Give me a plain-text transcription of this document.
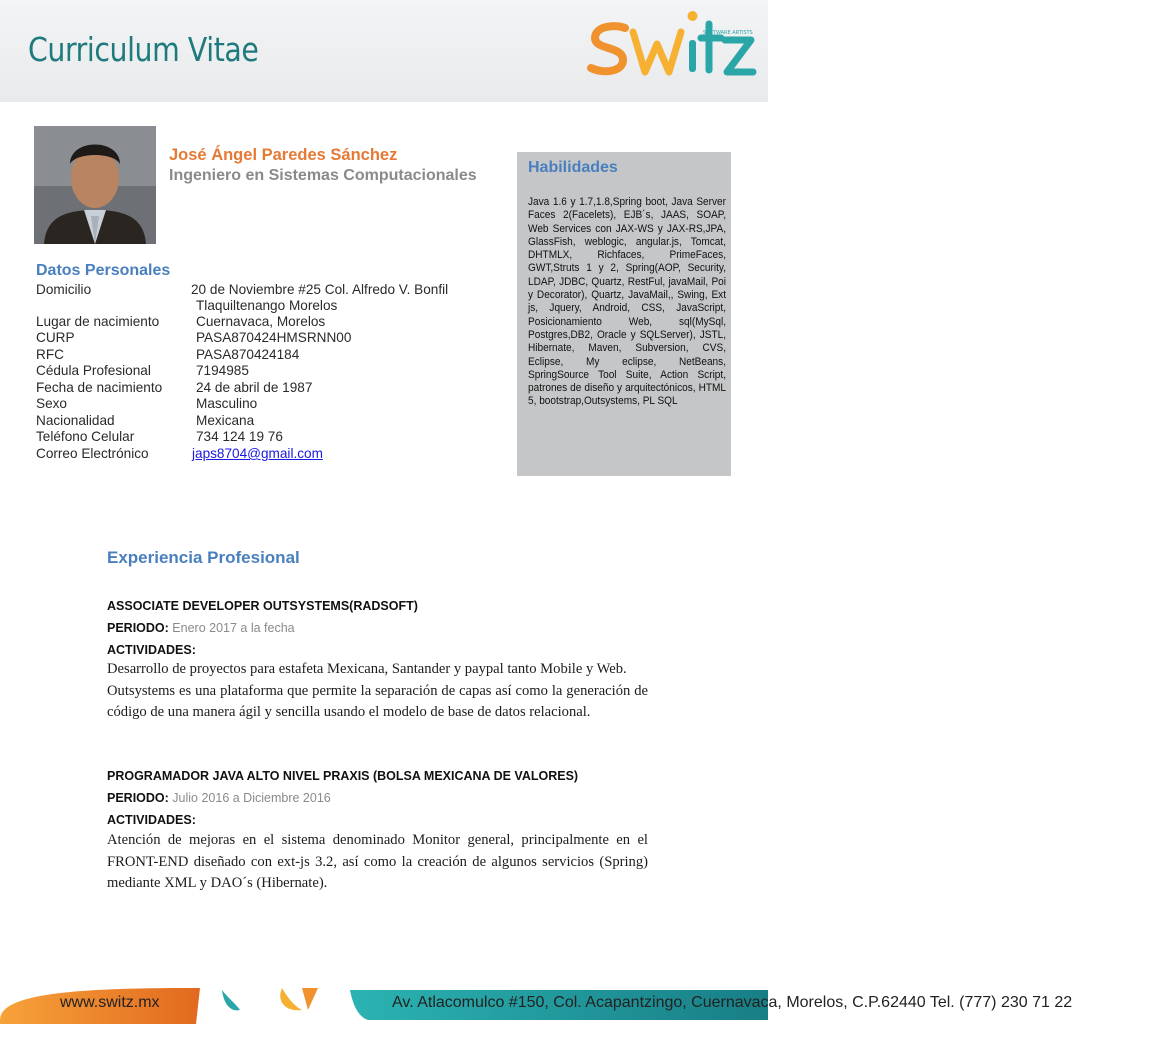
Curriculum Vitae	SOFTWARE ARTISTS
José Ángel Paredes Sánchez
Ingeniero en Sistemas Computacionales
Datos Personales
Domicilio	20 de Noviembre #25 Col. Alfredo V. Bonfil
Tlaquiltenango Morelos
Lugar de nacimiento	Cuernavaca, Morelos
CURP	PASA870424HMSRNN00
RFC	PASA870424184
Cédula Profesional	7194985
Fecha de nacimiento 24 de abril de 1987
Sexo	Masculino
Nacionalidad	Mexicana
Teléfono Celular	734 124 19 76
Correo Electrónico	japs8704@gmail.com
Habilidades
Java 1.6 y 1.7,1.8,Spring boot, Java Server Faces 2(Facelets), EJB´s, JAAS, SOAP, Web Services con JAX-WS y JAX-RS,JPA, GlassFish, weblogic, angular.js, Tomcat, DHTMLX, Richfaces, PrimeFaces, GWT,Struts 1 y 2, Spring(AOP, Security, LDAP, JDBC, Quartz, RestFul, javaMail, Poi y Decorator), Quartz, JavaMail,, Swing, Ext js, Jquery, Android, CSS, JavaScript, Posicionamiento Web, sql(MySql, Postgres,DB2, Oracle y SQLServer), JSTL, Hibernate, Maven, Subversion, CVS, Eclipse, My eclipse, NetBeans, SpringSource Tool Suite, Action Script, patrones de diseño y arquitectónicos, HTML 5, bootstrap,Outsystems, PL SQL
Experiencia Profesional
ASSOCIATE DEVELOPER OUTSYSTEMS(RADSOFT)
PERIODO: Enero 2017 a la fecha
ACTIVIDADES:
Desarrollo de proyectos para estafeta Mexicana, Santander y paypal tanto Mobile y Web.
Outsystems es una plataforma que permite la separación de capas así como la generación de código de una manera ágil y sencilla usando el modelo de base de datos relacional.
PROGRAMADOR JAVA ALTO NIVEL PRAXIS (BOLSA MEXICANA DE VALORES)
PERIODO: Julio 2016 a Diciembre 2016
ACTIVIDADES:
Atención de mejoras en el sistema denominado Monitor general, principalmente en el FRONT-END diseñado con ext-js 3.2, así como la creación de algunos servicios (Spring) mediante XML y DAO´s (Hibernate).
www.switz.mx	Av. Atlacomulco #150, Col. Acapantzingo, Cuernavaca, Morelos, C.P.62440 Tel. (777) 230 71 22
